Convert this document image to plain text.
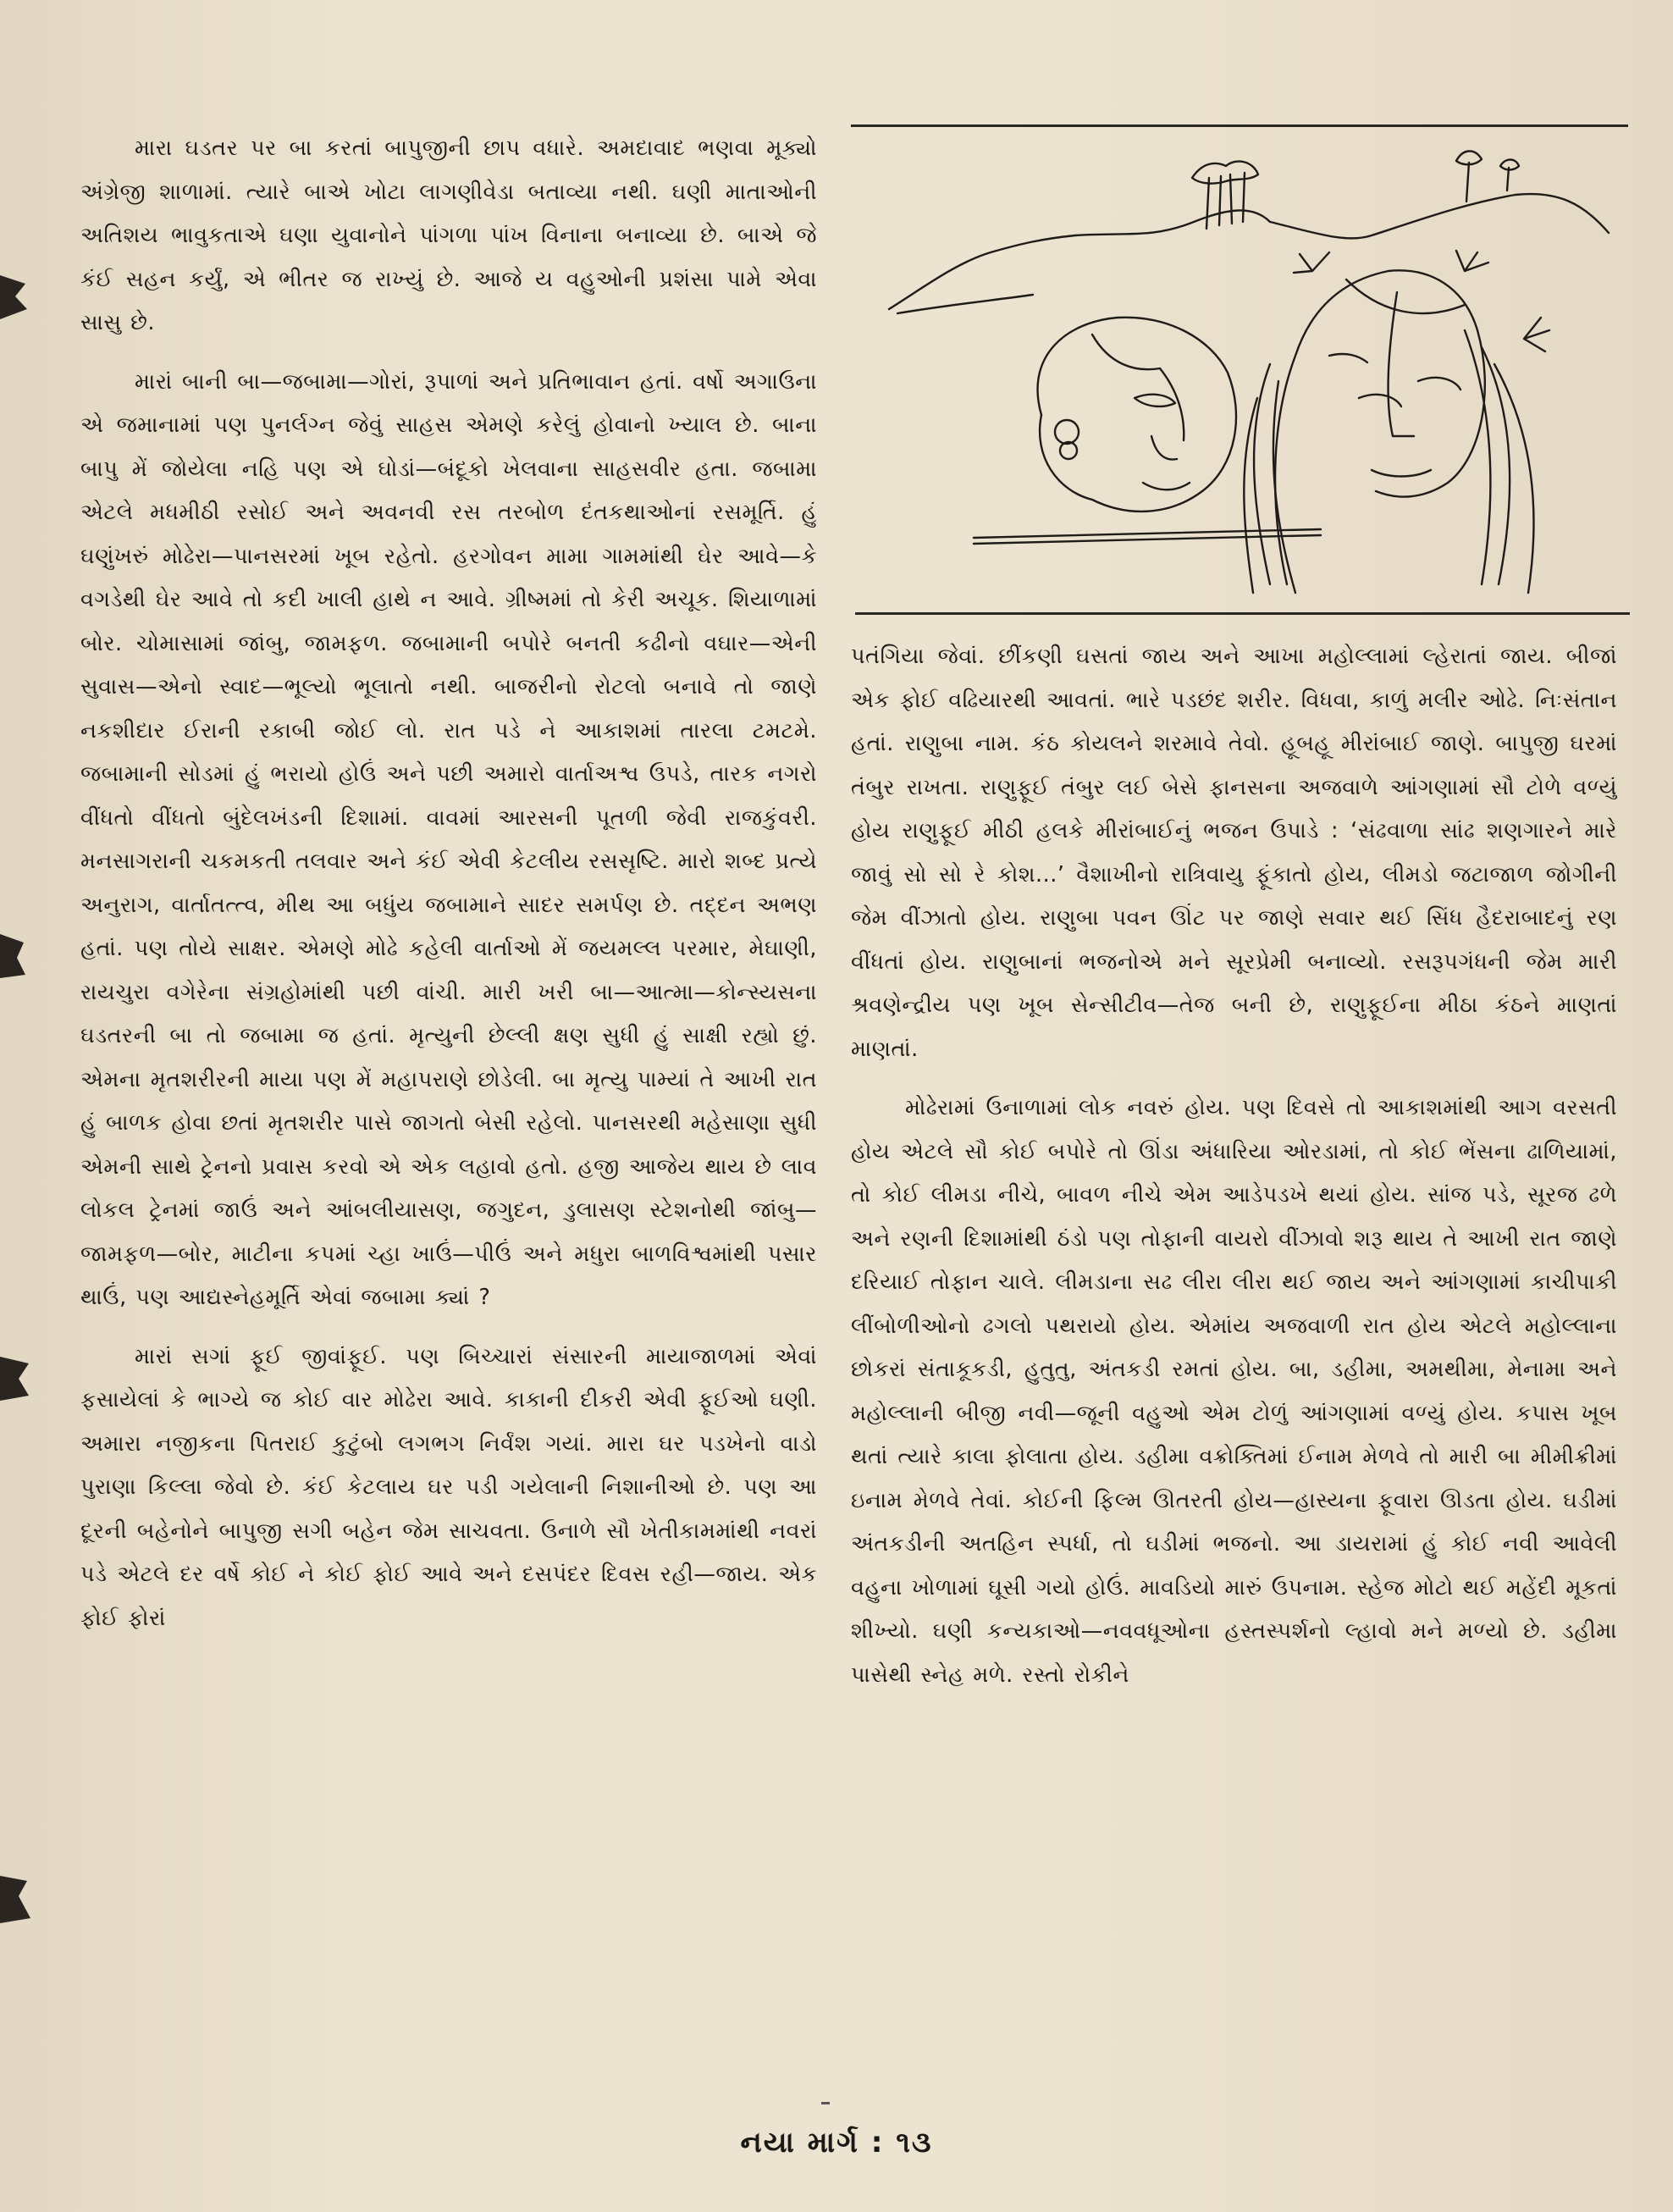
મારા ઘડતર પર બા કરતાં બાપુજીની છાપ વધારે. અમદાવાદ ભણવા મૂક્યો અંગ્રેજી શાળામાં. ત્યારે બાએ ખોટા લાગણીવેડા બતાવ્યા નથી. ઘણી માતાઓની અતિશય ભાવુકતાએ ઘણા યુવાનોને પાંગળા પાંખ વિનાના બનાવ્યા છે. બાએ જે કંઈ સહન કર્યું, એ ભીતર જ રાખ્યું છે. આજે ય વહુઓની પ્રશંસા પામે એવા સાસુ છે.

મારાં બાની બા—જબામા—ગોરાં, રૂપાળાં અને પ્રતિભાવાન હતાં. વર્ષો અગાઉના એ જમાનામાં પણ પુનર્લગ્ન જેવું સાહસ એમણે કરેલું હોવાનો ખ્યાલ છે. બાના બાપુ મેં જોયેલા નહિ પણ એ ઘોડાં—બંદૂકો ખેલવાના સાહસવીર હતા. જબામા એટલે મધમીઠી રસોઈ અને અવનવી રસ તરબોળ દંતકથાઓનાં રસમૂર્તિ. હું ઘણુંખરું મોઢેરા—પાનસરમાં ખૂબ રહેતો. હરગોવન મામા ગામમાંથી ઘેર આવે—કે વગડેથી ઘેર આવે તો કદી ખાલી હાથે ન આવે. ગ્રીષ્મમાં તો કેરી અચૂક. શિયાળામાં બોર. ચોમાસામાં જાંબુ, જામફળ. જબામાની બપોરે બનતી કઢીનો વઘાર—એની સુવાસ—એનો સ્વાદ—ભૂલ્યો ભૂલાતો નથી. બાજરીનો રોટલો બનાવે તો જાણે નકશીદાર ઈરાની રકાબી જોઈ લો. રાત પડે ને આકાશમાં તારલા ટમટમે. જબામાની સોડમાં હું ભરાયો હોઉં અને પછી અમારો વાર્તાઅશ્વ ઉપડે, તારક નગરો વીંધતો વીંધતો બુંદેલખંડની દિશામાં. વાવમાં આરસની પૂતળી જેવી રાજકુંવરી. મનસાગરાની ચકમકતી તલવાર અને કંઈ એવી કેટલીય રસસૃષ્ટિ. મારો શબ્દ પ્રત્યે અનુરાગ, વાર્તાતત્ત્વ, મીથ આ બધુંય જબામાને સાદર સમર્પણ છે. તદ્દન અભણ હતાં. પણ તોયે સાક્ષર. એમણે મોઢે કહેલી વાર્તાઓ મેં જયમલ્લ પરમાર, મેઘાણી, રાયચુરા વગેરેના સંગ્રહોમાંથી પછી વાંચી. મારી ખરી બા—આત્મા—કોન્સ્યસના ઘડતરની બા તો જબામા જ હતાં. મૃત્યુની છેલ્લી ક્ષણ સુધી હું સાક્ષી રહ્યો છું. એમના મૃતશરીરની માયા પણ મેં મહાપરાણે છોડેલી. બા મૃત્યુ પામ્યાં તે આખી રાત હું બાળક હોવા છતાં મૃતશરીર પાસે જાગતો બેસી રહેલો. પાનસરથી મહેસાણા સુધી એમની સાથે ટ્રેનનો પ્રવાસ કરવો એ એક લહાવો હતો. હજી આજેય થાય છે લાવ લોકલ ટ્રેનમાં જાઉં અને આંબલીયાસણ, જગુદન, ડુલાસણ સ્ટેશનોથી જાંબુ—જામફળ—બોર, માટીના કપમાં ચ્હા ખાઉં—પીઉં અને મધુરા બાળવિશ્વમાંથી પસાર થાઉં, પણ આદ્યસ્નેહમૂર્તિ એવાં જબામા ક્યાં ?

મારાં સગાં ફૂઈ જીવાંફૂઈ. પણ બિચ્ચારાં સંસારની માયાજાળમાં એવાં ફસાયેલાં કે ભાગ્યે જ કોઈ વાર મોઢેરા આવે. કાકાની દીકરી એવી ફૂઈઓ ઘણી. અમારા નજીકના પિતરાઈ કુટુંબો લગભગ નિર્વંશ ગયાં. મારા ઘર પડખેનો વાડો પુરાણા કિલ્લા જેવો છે. કંઈ કેટલાય ઘર પડી ગયેલાની નિશાનીઓ છે. પણ આ દૂરની બહેનોને બાપુજી સગી બહેન જેમ સાચવતા. ઉનાળે સૌ ખેતીકામમાંથી નવરાં પડે એટલે દર વર્ષે કોઈ ને કોઈ ફોઈ આવે અને દસપંદર દિવસ રહી—જાય. એક ફોઈ ફોરાં

પતંગિયા જેવાં. છીંકણી ઘસતાં જાય અને આખા મહોલ્લામાં લ્હેરાતાં જાય. બીજાં એક ફોઈ વઢિયારથી આવતાં. ભારે પડછંદ શરીર. વિધવા, કાળું મલીર ઓઢે. નિઃસંતાન હતાં. રાણુબા નામ. કંઠ કોયલને શરમાવે તેવો. હૂબહૂ મીરાંબાઈ જાણે. બાપુજી ઘરમાં તંબુર રાખતા. રાણુફૂઈ તંબુર લઈ બેસે ફાનસના અજવાળે આંગણામાં સૌ ટોળે વળ્યું હોય રાણુફૂઈ મીઠી હલકે મીરાંબાઈનું ભજન ઉપાડે : ‘સંઢવાળા સાંઢ શણગારને મારે જાવું સો સો રે કોશ...’ વૈશાખીનો રાત્રિવાયુ ફૂંકાતો હોય, લીમડો જટાજાળ જોગીની જેમ વીંઝાતો હોય. રાણુબા પવન ઊંટ પર જાણે સવાર થઈ સિંધ હૈદરાબાદનું રણ વીંધતાં હોય. રાણુબાનાં ભજનોએ મને સૂરપ્રેમી બનાવ્યો. રસરૂપગંધની જેમ મારી શ્રવણેન્દ્રીય પણ ખૂબ સેન્સીટીવ—તેજ બની છે, રાણુફૂઈના મીઠા કંઠને માણતાં માણતાં.

મોઢેરામાં ઉનાળામાં લોક નવરું હોય. પણ દિવસે તો આકાશમાંથી આગ વરસતી હોય એટલે સૌ કોઈ બપોરે તો ઊંડા અંધારિયા ઓરડામાં, તો કોઈ ભેંસના ઢાળિયામાં, તો કોઈ લીમડા નીચે, બાવળ નીચે એમ આડેપડખે થયાં હોય. સાંજ પડે, સૂરજ ઢળે અને રણની દિશામાંથી ઠંડો પણ તોફાની વાયરો વીંઝાવો શરૂ થાય તે આખી રાત જાણે દરિયાઈ તોફાન ચાલે. લીમડાના સઢ લીરા લીરા થઈ જાય અને આંગણામાં કાચીપાકી લીંબોળીઓનો ઢગલો પથરાયો હોય. એમાંય અજવાળી રાત હોય એટલે મહોલ્લાના છોકરાં સંતાકૂકડી, હુતુતુ, અંતકડી રમતાં હોય. બા, ડહીમા, અમથીમા, મેનામા અને મહોલ્લાની બીજી નવી—જૂની વહુઓ એમ ટોળું આંગણામાં વળ્યું હોય. કપાસ ખૂબ થતાં ત્યારે કાલા ફોલાતા હોય. ડહીમા વક્રોક્તિમાં ઈનામ મેળવે તો મારી બા મીમીક્રીમાં ઇનામ મેળવે તેવાં. કોઈની ફિલ્મ ઊતરતી હોય—હાસ્યના ફૂવારા ઊડતા હોય. ઘડીમાં અંતકડીની અતહિન સ્પર્ધા, તો ઘડીમાં ભજનો. આ ડાયરામાં હું કોઈ નવી આવેલી વહુના ખોળામાં ઘૂસી ગયો હોઉં. માવડિયો મારું ઉપનામ. સ્હેજ મોટો થઈ મહેંદી મૂકતાં શીખ્યો. ઘણી કન્યકાઓ—નવવધૂઓના હસ્તસ્પર્શનો લ્હાવો મને મળ્યો છે. ડહીમા પાસેથી સ્નેહ મળે. રસ્તો રોકીને

નયા માર્ગ : ૧૩
